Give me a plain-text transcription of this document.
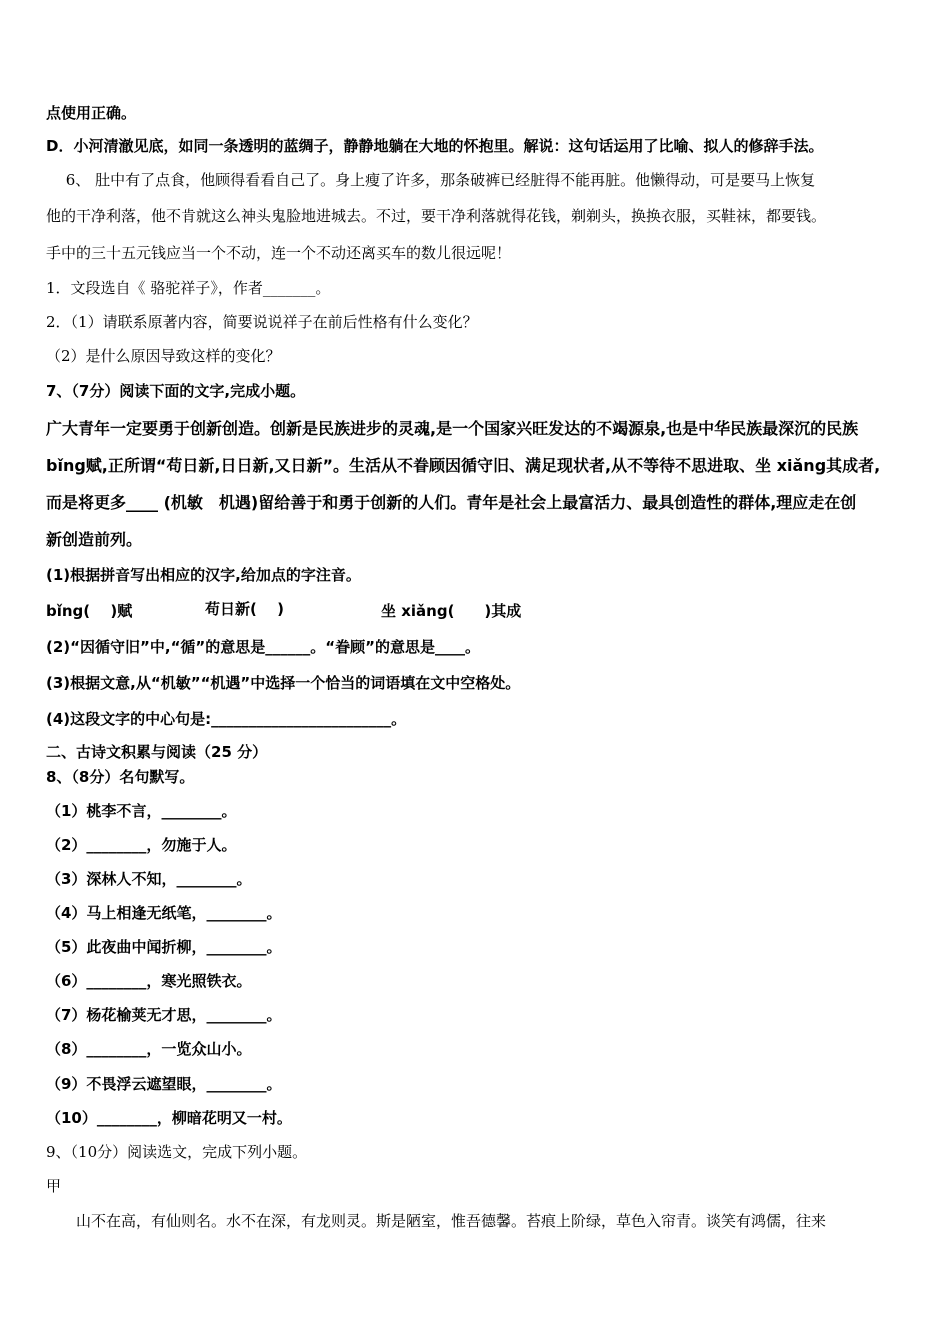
点使用正确。
D．小河清澈见底，如同一条透明的蓝绸子，静静地躺在大地的怀抱里。解说：这句话运用了比喻、拟人的修辞手法。
　 6、 肚中有了点食，他顾得看看自己了。身上瘦了许多，那条破裤已经脏得不能再脏。他懒得动，可是要马上恢复
他的干净利落，他不肯就这么神头鬼脸地进城去。不过，要干净利落就得花钱，剃剃头，换换衣服，买鞋袜，都要钱。
手中的三十五元钱应当一个不动，连一个不动还离买车的数儿很远呢！
1．文段选自《 骆驼祥子》，作者_______。
2．（1）请联系原著内容，简要说说祥子在前后性格有什么变化？
（2）是什么原因导致这样的变化？
7、（7分）阅读下面的文字,完成小题。
广大青年一定要勇于创新创造。创新是民族进步的灵魂,是一个国家兴旺发达的不竭源泉,也是中华民族最深沉的民族
bǐng赋,正所谓“苟日新,日日新,又日新”。生活从不眷顾因循守旧、满足现状者,从不等待不思进取、坐 xiǎng其成者,
而是将更多____ (机敏　机遇)留给善于和勇于创新的人们。青年是社会上最富活力、最具创造性的群体,理应走在创
新创造前列。
(1)根据拼音写出相应的汉字,给加点的字注音。
bǐng(　 )赋	苟日新(　 )	坐 xiǎng(　　)其成
(2)“因循守旧”中,“循”的意思是______。“眷顾”的意思是____。
(3)根据文意,从“机敏”“机遇”中选择一个恰当的词语填在文中空格处。
(4)这段文字的中心句是:________________________。
二、古诗文积累与阅读（25 分）
8、（8分）名句默写。
（1）桃李不言，________。
（2）________，勿施于人。
（3）深林人不知，________。
（4）马上相逢无纸笔，________。
（5）此夜曲中闻折柳，________。
（6）________，寒光照铁衣。
（7）杨花榆荚无才思，________。
（8）________，一览众山小。
（9）不畏浮云遮望眼，________。
（10）________，柳暗花明又一村。
9、（10分）阅读选文，完成下列小题。
甲
　　山不在高，有仙则名。水不在深，有龙则灵。斯是陋室，惟吾德馨。苔痕上阶绿，草色入帘青。谈笑有鸿儒，往来
